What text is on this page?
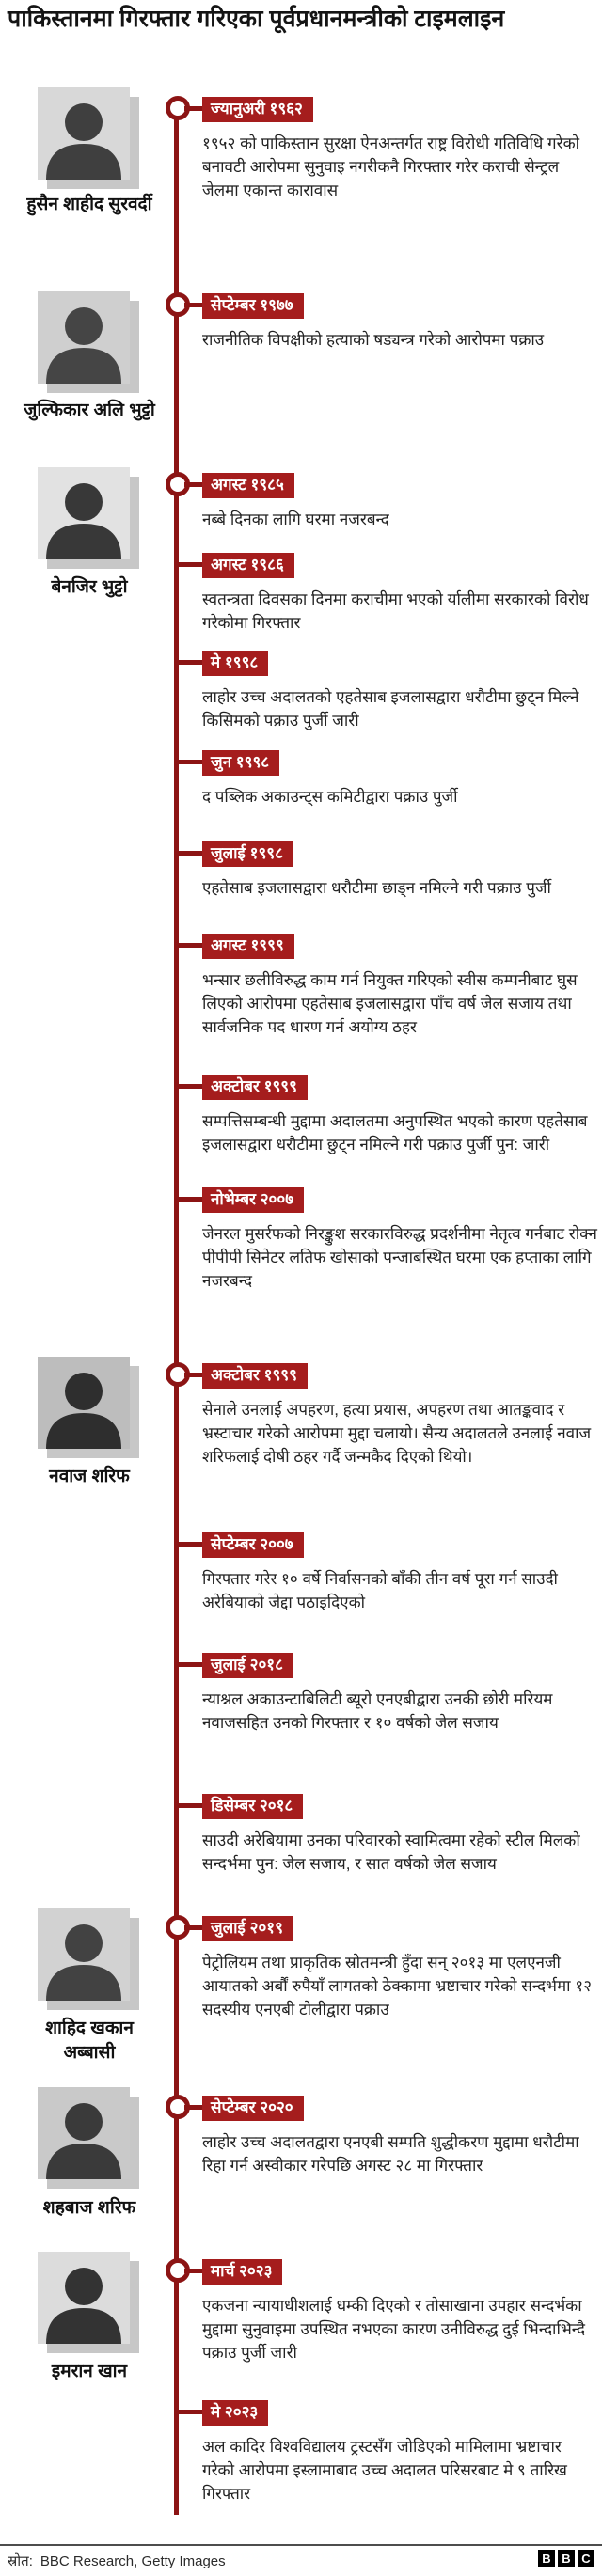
पाकिस्तानमा गिरफ्तार गरिएका पूर्वप्रधानमन्त्रीको टाइमलाइन
हुसैन शाहीद सुरवर्दी
जुल्फिकार अलि भुट्टो
बेनजिर भुट्टो
नवाज शरिफ
शाहिद खकान
अब्बासी
शहबाज शरिफ
इमरान खान
ज्यानुअरी १९६२
१९५२ को पाकिस्तान सुरक्षा ऐनअन्तर्गत राष्ट्र विरोधी गतिविधि गरेको बनावटी आरोपमा सुनुवाइ नगरीकनै गिरफ्तार गरेर कराची सेन्ट्रल जेलमा एकान्त कारावास
सेप्टेम्बर १९७७
राजनीतिक विपक्षीको हत्याको षड्यन्त्र गरेको आरोपमा पक्राउ
अगस्ट १९८५
नब्बे दिनका लागि घरमा नजरबन्द
अगस्ट १९८६
स्वतन्त्रता दिवसका दिनमा कराचीमा भएको र्यालीमा सरकारको विरोध गरेकोमा गिरफ्तार
मे १९९८
लाहोर उच्च अदालतको एहतेसाब इजलासद्वारा धरौटीमा छुट्न मिल्ने किसिमको पक्राउ पुर्जी जारी
जुन १९९८
द पब्लिक अकाउन्ट्स कमिटीद्वारा पक्राउ पुर्जी
जुलाई १९९८
एहतेसाब इजलासद्वारा धरौटीमा छाड्न नमिल्ने गरी पक्राउ पुर्जी
अगस्ट १९९९
भन्सार छलीविरुद्ध काम गर्न नियुक्त गरिएको स्वीस कम्पनीबाट घुस लिएको आरोपमा एहतेसाब इजलासद्वारा पाँच वर्ष जेल सजाय तथा सार्वजनिक पद धारण गर्न अयोग्य ठहर
अक्टोबर १९९९
सम्पत्तिसम्बन्धी मुद्दामा अदालतमा अनुपस्थित भएको कारण एहतेसाब इजलासद्वारा धरौटीमा छुट्न नमिल्ने गरी पक्राउ पुर्जी पुन: जारी
नोभेम्बर २००७
जेनरल मुसर्रफको निरङ्कुश सरकारविरुद्ध प्रदर्शनीमा नेतृत्व गर्नबाट रोक्न पीपीपी सिनेटर लतिफ खोसाको पन्जाबस्थित घरमा एक हप्ताका लागि नजरबन्द
अक्टोबर १९९९
सेनाले उनलाई अपहरण, हत्या प्रयास, अपहरण तथा आतङ्कवाद र भ्रस्टाचार गरेको आरोपमा मुद्दा चलायो। सैन्य अदालतले उनलाई नवाज शरिफलाई दोषी ठहर गर्दै जन्मकैद दिएको थियो।
सेप्टेम्बर २००७
गिरफ्तार गरेर १० वर्षे निर्वासनको बाँकी तीन वर्ष पूरा गर्न साउदी अरेबियाको जेद्दा पठाइदिएको
जुलाई २०१८
न्याश्नल अकाउन्टाबिलिटी ब्यूरो एनएबीद्वारा उनकी छोरी मरियम नवाजसहित उनको गिरफ्तार र १० वर्षको जेल सजाय
डिसेम्बर २०१८
साउदी अरेबियामा उनका परिवारको स्वामित्वमा रहेको स्टील मिलको सन्दर्भमा पुन: जेल सजाय, र सात वर्षको जेल सजाय
जुलाई २०१९
पेट्रोलियम तथा प्राकृतिक स्रोतमन्त्री हुँदा सन् २०१३ मा एलएनजी आयातको अर्बौं रुपैयाँ लागतको ठेक्कामा भ्रष्टाचार गरेको सन्दर्भमा १२ सदस्यीय एनएबी टोलीद्वारा पक्राउ
सेप्टेम्बर २०२०
लाहोर उच्च अदालतद्वारा एनएबी सम्पति शुद्धीकरण मुद्दामा धरौटीमा रिहा गर्न अस्वीकार गरेपछि अगस्ट २८ मा गिरफ्तार
मार्च २०२३
एकजना न्यायाधीशलाई धम्की दिएको र तोसाखाना उपहार सन्दर्भका मुद्दामा सुनुवाइमा उपस्थित नभएका कारण उनीविरुद्ध दुई भिन्दाभिन्दै पक्राउ पुर्जी जारी
मे २०२३
अल कादिर विश्वविद्यालय ट्रस्टसँग जोडिएको मामिलामा भ्रष्टाचार गरेको आरोपमा इस्लामाबाद उच्च अदालत परिसरबाट मे ९ तारिख गिरफ्तार
स्रोत: BBC Research, Getty Images	B B C
